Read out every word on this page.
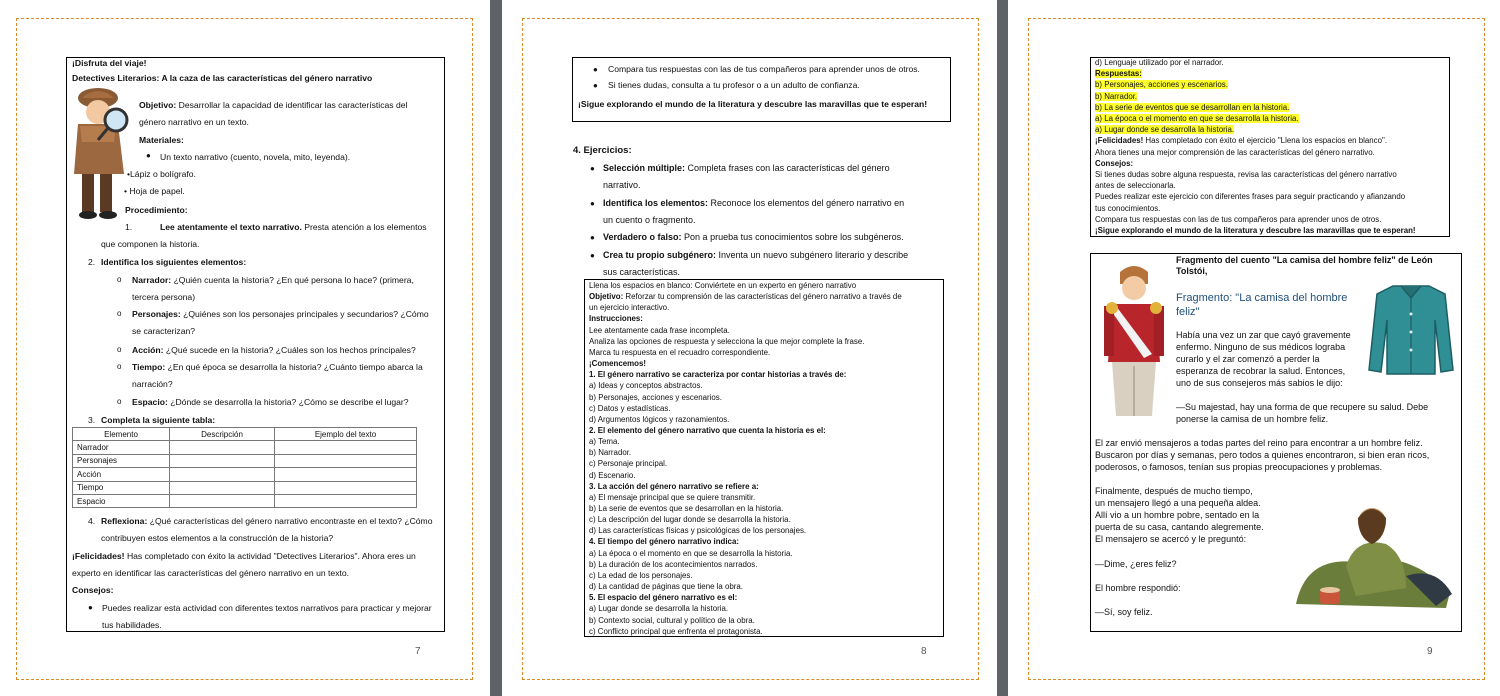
¡Disfruta del viaje!
Detectives Literarios: A la caza de las características del género narrativo
Objetivo: Desarrollar la capacidad de identificar las características del
género narrativo en un texto.
Materiales:
● Un texto narrativo (cuento, novela, mito, leyenda).
•Lápiz o bolígrafo.
• Hoja de papel.
Procedimiento:
1.	Lee atentamente el texto narrativo. Presta atención a los elementos
que componen la historia.
2. Identifica los siguientes elementos:
o Narrador: ¿Quién cuenta la historia? ¿En qué persona lo hace? (primera,
tercera persona)
o Personajes: ¿Quiénes son los personajes principales y secundarios? ¿Cómo
se caracterizan?
o Acción: ¿Qué sucede en la historia? ¿Cuáles son los hechos principales?
o Tiempo: ¿En qué época se desarrolla la historia? ¿Cuánto tiempo abarca la
narración?
o Espacio: ¿Dónde se desarrolla la historia? ¿Cómo se describe el lugar?
3. Completa la siguiente tabla:
Elemento	Descripción	Ejemplo del texto
Narrador		
Personajes		
Acción		
Tiempo		
Espacio		
4. Reflexiona: ¿Qué características del género narrativo encontraste en el texto? ¿Cómo
contribuyen estos elementos a la construcción de la historia?
¡Felicidades! Has completado con éxito la actividad "Detectives Literarios". Ahora eres un
experto en identificar las características del género narrativo en un texto.
Consejos:
● Puedes realizar esta actividad con diferentes textos narrativos para practicar y mejorar
tus habilidades.
7
● Compara tus respuestas con las de tus compañeros para aprender unos de otros.
● Si tienes dudas, consulta a tu profesor o a un adulto de confianza.
¡Sigue explorando el mundo de la literatura y descubre las maravillas que te esperan!
4. Ejercicios:
● Selección múltiple: Completa frases con las características del género
narrativo.
● Identifica los elementos: Reconoce los elementos del género narrativo en
un cuento o fragmento.
● Verdadero o falso: Pon a prueba tus conocimientos sobre los subgéneros.
● Crea tu propio subgénero: Inventa un nuevo subgénero literario y describe
sus características.
Llena los espacios en blanco: Conviértete en un experto en género narrativo
Objetivo: Reforzar tu comprensión de las características del género narrativo a través de
un ejercicio interactivo.
Instrucciones:
Lee atentamente cada frase incompleta.
Analiza las opciones de respuesta y selecciona la que mejor complete la frase.
Marca tu respuesta en el recuadro correspondiente.
¡Comencemos!
1. El género narrativo se caracteriza por contar historias a través de:
a) Ideas y conceptos abstractos.
b) Personajes, acciones y escenarios.
c) Datos y estadísticas.
d) Argumentos lógicos y razonamientos.
2. El elemento del género narrativo que cuenta la historia es el:
a) Tema.
b) Narrador.
c) Personaje principal.
d) Escenario.
3. La acción del género narrativo se refiere a:
a) El mensaje principal que se quiere transmitir.
b) La serie de eventos que se desarrollan en la historia.
c) La descripción del lugar donde se desarrolla la historia.
d) Las características físicas y psicológicas de los personajes.
4. El tiempo del género narrativo indica:
a) La época o el momento en que se desarrolla la historia.
b) La duración de los acontecimientos narrados.
c) La edad de los personajes.
d) La cantidad de páginas que tiene la obra.
5. El espacio del género narrativo es el:
a) Lugar donde se desarrolla la historia.
b) Contexto social, cultural y político de la obra.
c) Conflicto principal que enfrenta el protagonista.
8
d) Lenguaje utilizado por el narrador.
Respuestas:
b) Personajes, acciones y escenarios.
b) Narrador.
b) La serie de eventos que se desarrollan en la historia.
a) La época o el momento en que se desarrolla la historia.
a) Lugar donde se desarrolla la historia.
¡Felicidades! Has completado con éxito el ejercicio "Llena los espacios en blanco".
Ahora tienes una mejor comprensión de las características del género narrativo.
Consejos:
Si tienes dudas sobre alguna respuesta, revisa las características del género narrativo
antes de seleccionarla.
Puedes realizar este ejercicio con diferentes frases para seguir practicando y afianzando
tus conocimientos.
Compara tus respuestas con las de tus compañeros para aprender unos de otros.
¡Sigue explorando el mundo de la literatura y descubre las maravillas que te esperan!
Fragmento del cuento "La camisa del hombre feliz" de León
Tolstói,
Fragmento: "La camisa del hombre
feliz"
Había una vez un zar que cayó gravemente
enfermo. Ninguno de sus médicos lograba
curarlo y el zar comenzó a perder la
esperanza de recobrar la salud. Entonces,
uno de sus consejeros más sabios le dijo:
—Su majestad, hay una forma de que recupere su salud. Debe
ponerse la camisa de un hombre feliz.
El zar envió mensajeros a todas partes del reino para encontrar a un hombre feliz.
Buscaron por días y semanas, pero todos a quienes encontraron, si bien eran ricos,
poderosos, o famosos, tenían sus propias preocupaciones y problemas.
Finalmente, después de mucho tiempo,
un mensajero llegó a una pequeña aldea.
Allí vio a un hombre pobre, sentado en la
puerta de su casa, cantando alegremente.
El mensajero se acercó y le preguntó:
—Dime, ¿eres feliz?
El hombre respondió:
—Sí, soy feliz.
9
